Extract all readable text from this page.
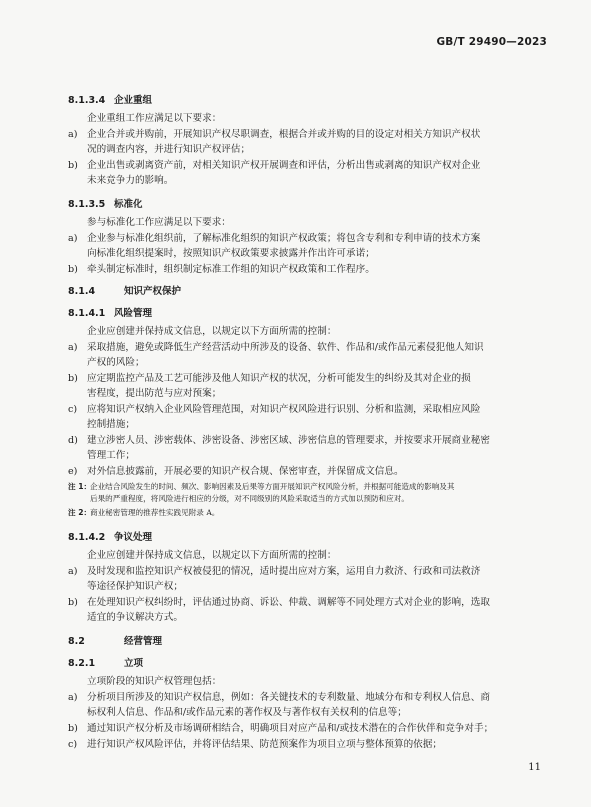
GB/T 29490—2023
8.1.3.4 企业重组
企业重组工作应满足以下要求：
a) 企业合并或并购前，开展知识产权尽职调查，根据合并或并购的目的设定对相关方知识产权状
况的调查内容，并进行知识产权评估；
b) 企业出售或剥离资产前，对相关知识产权开展调查和评估，分析出售或剥离的知识产权对企业
未来竞争力的影响。
8.1.3.5 标准化
参与标准化工作应满足以下要求：
a) 企业参与标准化组织前，了解标准化组织的知识产权政策；将包含专利和专利申请的技术方案
向标准化组织提案时，按照知识产权政策要求披露并作出许可承诺；
b) 牵头制定标准时，组织制定标准工作组的知识产权政策和工作程序。
8.1.4	知识产权保护
8.1.4.1 风险管理
企业应创建并保持成文信息，以规定以下方面所需的控制：
a) 采取措施，避免或降低生产经营活动中所涉及的设备、软件、作品和/或作品元素侵犯他人知识
产权的风险；
b) 应定期监控产品及工艺可能涉及他人知识产权的状况，分析可能发生的纠纷及其对企业的损
害程度，提出防范与应对预案；
c) 应将知识产权纳入企业风险管理范围，对知识产权风险进行识别、分析和监测，采取相应风险
控制措施；
d) 建立涉密人员、涉密载体、涉密设备、涉密区域、涉密信息的管理要求，并按要求开展商业秘密
管理工作；
e) 对外信息披露前，开展必要的知识产权合规、保密审查，并保留成文信息。
注 1：
企业结合风险发生的时间、频次、影响因素及后果等方面开展知识产权风险分析，并根据可能造成的影响及其
后果的严重程度，将风险进行相应的分级，对不同级别的风险采取适当的方式加以预防和应对。
注 2：
商业秘密管理的推荐性实践见附录 A。
8.1.4.2 争议处理
企业应创建并保持成文信息，以规定以下方面所需的控制：
a) 及时发现和监控知识产权被侵犯的情况，适时提出应对方案，运用自力救济、行政和司法救济
等途径保护知识产权；
b) 在处理知识产权纠纷时，评估通过协商、诉讼、仲裁、调解等不同处理方式对企业的影响，选取
适宜的争议解决方式。
8.2	经营管理
8.2.1	立项
立项阶段的知识产权管理包括：
a) 分析项目所涉及的知识产权信息，例如：各关键技术的专利数量、地域分布和专利权人信息、商
标权利人信息、作品和/或作品元素的著作权及与著作权有关权利的信息等；
b) 通过知识产权分析及市场调研相结合，明确项目对应产品和/或技术潜在的合作伙伴和竞争对手；
c) 进行知识产权风险评估，并将评估结果、防范预案作为项目立项与整体预算的依据；
11
